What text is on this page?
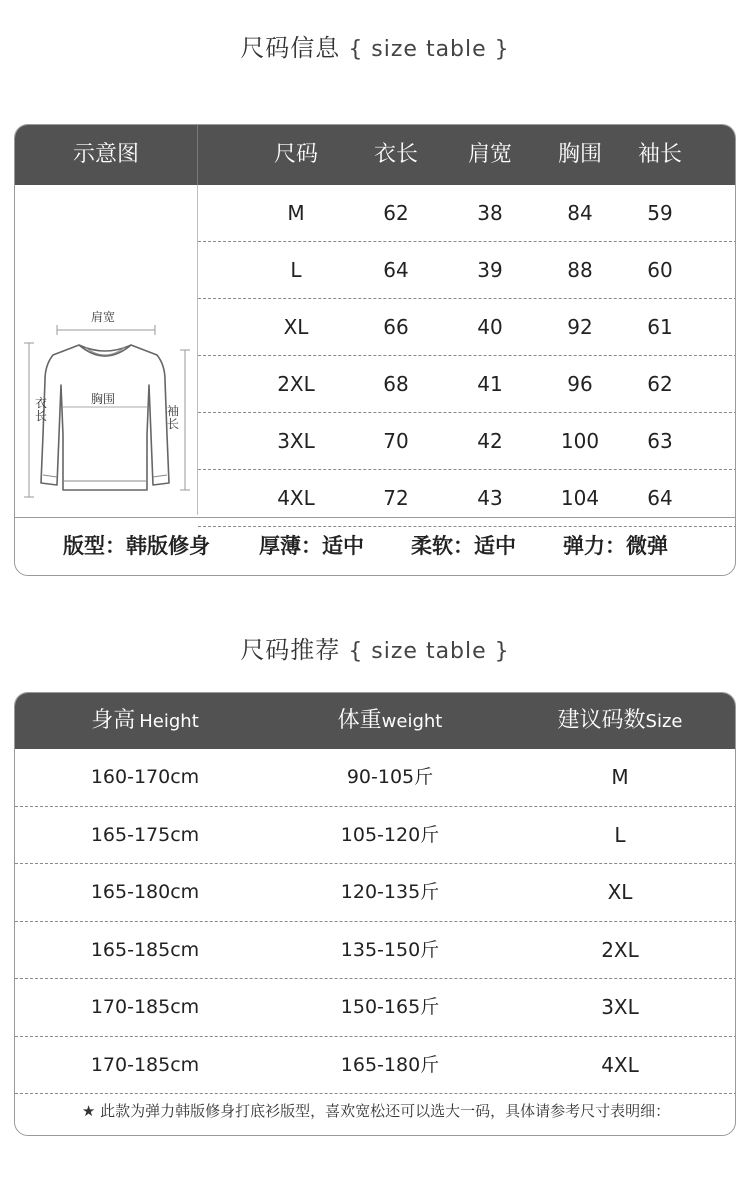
尺码信息 { size table }
示意图	尺码	衣长	肩宽	胸围	袖长
肩宽
胸围
衣长	袖长
M	62	38	84	59
L	64	39	88	60
XL	66	40	92	61
2XL	68	41	96	62
3XL	70	42	100	63
4XL	72	43	104	64
版型：韩版修身 厚薄：适中 柔软：适中 弹力：微弹
尺码推荐 { size table }
身高 Height	体重weight	建议码数Size
160-170cm	90-105斤	M
165-175cm	105-120斤	L
165-180cm	120-135斤	XL
165-185cm	135-150斤	2XL
170-185cm	150-165斤	3XL
170-185cm	165-180斤	4XL
★ 此款为弹力韩版修身打底衫版型，喜欢宽松还可以选大一码，具体请参考尺寸表明细：
